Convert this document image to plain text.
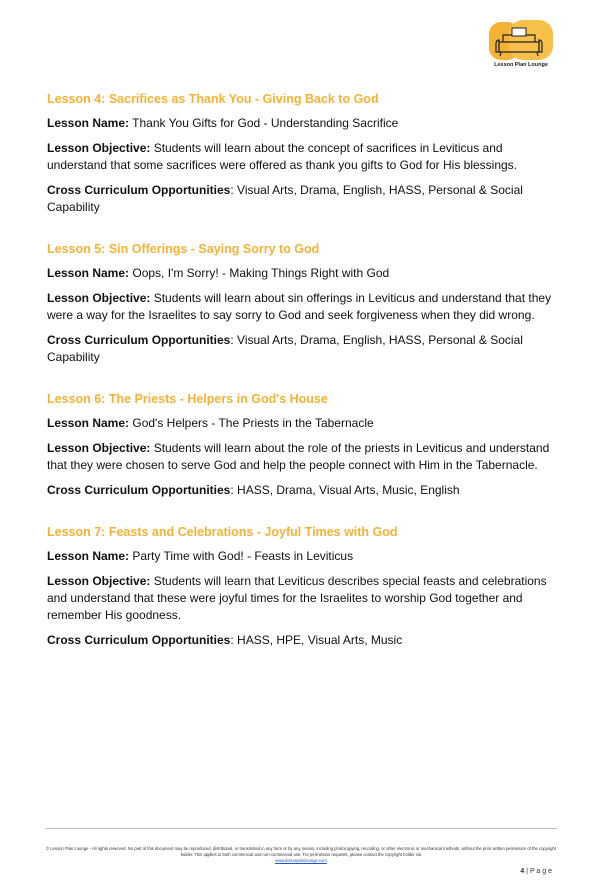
Lesson Plan Lounge
Lesson 4: Sacrifices as Thank You - Giving Back to God

Lesson Name: Thank You Gifts for God - Understanding Sacrifice

Lesson Objective: Students will learn about the concept of sacrifices in Leviticus and understand that some sacrifices were offered as thank you gifts to God for His blessings.

Cross Curriculum Opportunities: Visual Arts, Drama, English, HASS, Personal & Social Capability

Lesson 5: Sin Offerings - Saying Sorry to God

Lesson Name: Oops, I'm Sorry! - Making Things Right with God

Lesson Objective: Students will learn about sin offerings in Leviticus and understand that they were a way for the Israelites to say sorry to God and seek forgiveness when they did wrong.

Cross Curriculum Opportunities: Visual Arts, Drama, English, HASS, Personal & Social Capability

Lesson 6: The Priests - Helpers in God's House

Lesson Name: God's Helpers - The Priests in the Tabernacle

Lesson Objective: Students will learn about the role of the priests in Leviticus and understand that they were chosen to serve God and help the people connect with Him in the Tabernacle.

Cross Curriculum Opportunities: HASS, Drama, Visual Arts, Music, English

Lesson 7: Feasts and Celebrations - Joyful Times with God

Lesson Name: Party Time with God! - Feasts in Leviticus

Lesson Objective: Students will learn that Leviticus describes special feasts and celebrations and understand that these were joyful times for the Israelites to worship God together and remember His goodness.

Cross Curriculum Opportunities: HASS, HPE, Visual Arts, Music

© Lesson Plan Lounge - All rights reserved. No part of this document may be reproduced, distributed, or transmitted in any form or by any means, including photocopying, recording, or other electronic or mechanical methods, without the prior written permission of the copyright holder. This applies to both commercial and non-commercial use. For permission requests, please contact the copyright holder via
www.lessonplanlounge.com
4 | P a g e
